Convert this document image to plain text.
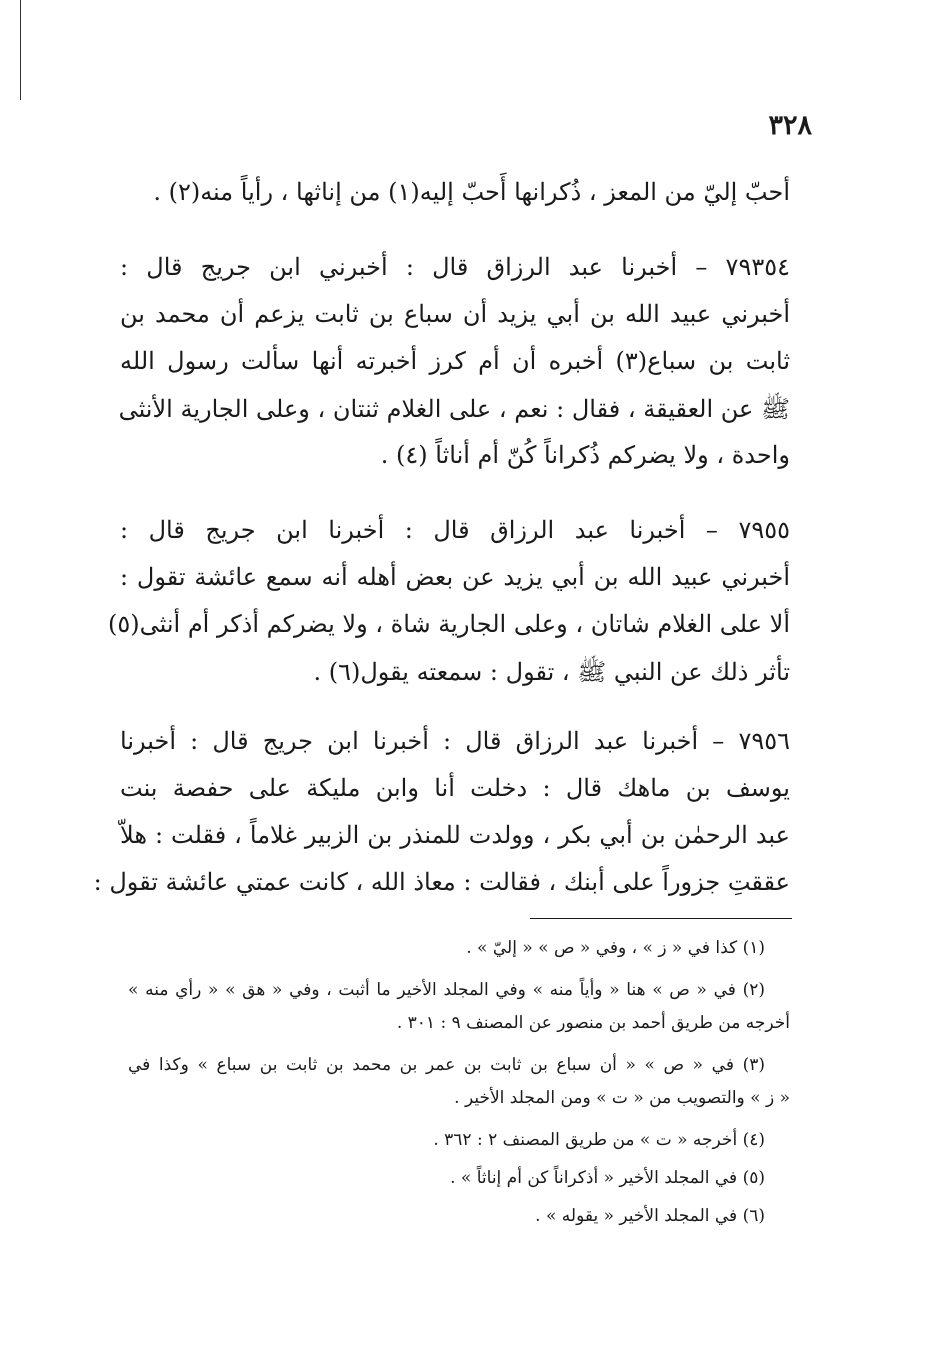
٣٢٨
أحبّ إليّ من المعز ، ذُكرانها أَحبّ إليه(١) من إناثها ، رأياً منه(٢) .
٧٩٣٥٤ – أخبرنا عبد الرزاق قال : أخبرني ابن جريج قال :
أخبرني عبيد الله بن أبي يزيد أن سباع بن ثابت يزعم أن محمد بن
ثابت بن سباع(٣) أخبره أن أم كرز أخبرته أنها سألت رسول الله
ﷺ عن العقيقة ، فقال : نعم ، على الغلام ثنتان ، وعلى الجارية الأنثى
واحدة ، ولا يضركم ذُكراناً كُنّ أم أناثاً (٤) .
٧٩٥٥ – أخبرنا عبد الرزاق قال : أخبرنا ابن جريج قال :
أخبرني عبيد الله بن أبي يزيد عن بعض أهله أنه سمع عائشة تقول :
ألا على الغلام شاتان ، وعلى الجارية شاة ، ولا يضركم أذكر أم أنثى(٥)
تأثر ذلك عن النبي ﷺ ، تقول : سمعته يقول(٦) .
٧٩٥٦ – أخبرنا عبد الرزاق قال : أخبرنا ابن جريج قال : أخبرنا
يوسف بن ماهك قال : دخلت أنا وابن مليكة على حفصة بنت
عبد الرحمٰن بن أبي بكر ، وولدت للمنذر بن الزبير غلاماً ، فقلت : هلاّ
عققتِ جزوراً على أبنك ، فقالت : معاذ الله ، كانت عمتي عائشة تقول :
(١) كذا في « ز » ، وفي « ص » « إليّ » .
(٢) في « ص » هنا « وأياً منه » وفي المجلد الأخير ما أثبت ، وفي « هق » « رأي منه »
أخرجه من طريق أحمد بن منصور عن المصنف ٩ : ٣٠١ .
(٣) في « ص » « أن سباع بن ثابت بن عمر بن محمد بن ثابت بن سباع » وكذا في
« ز » والتصويب من « ت » ومن المجلد الأخير .
(٤) أخرجه « ت » من طريق المصنف ٢ : ٣٦٢ .
(٥) في المجلد الأخير « أذكراناً كن أم إناثاً » .
(٦) في المجلد الأخير « يقوله » .
